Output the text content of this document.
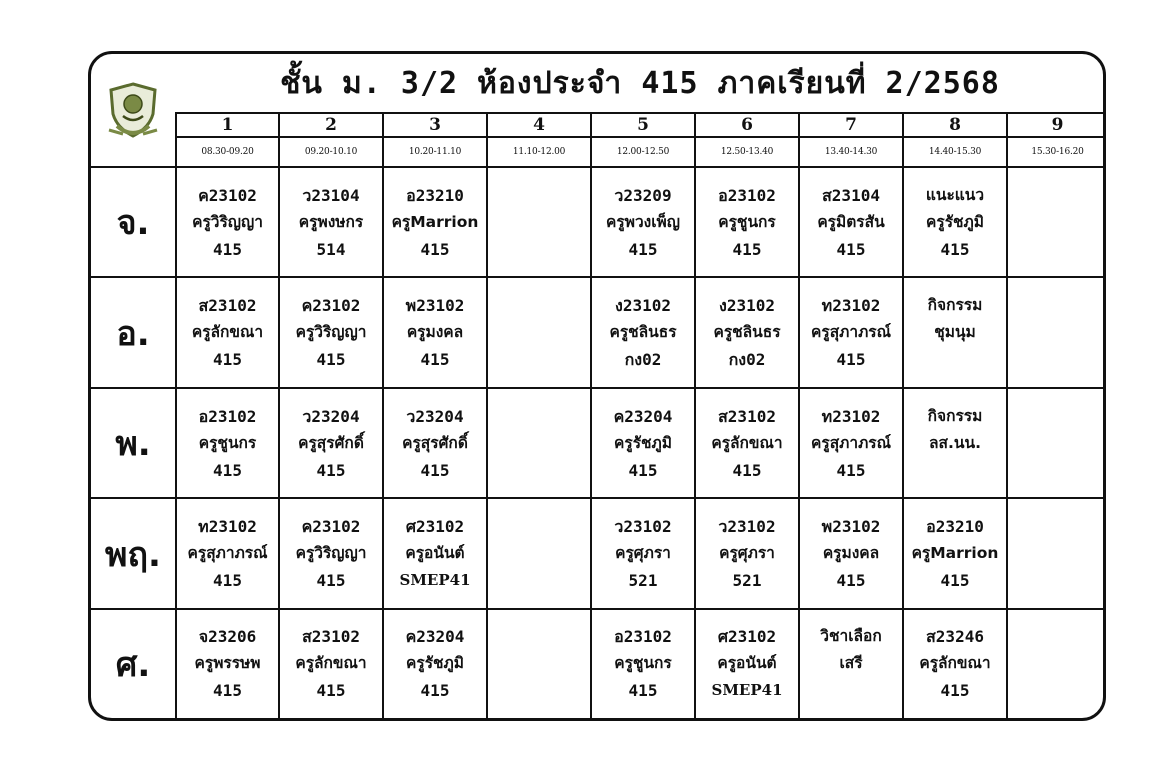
ชั้น ม. 3/2 ห้องประจำ 415 ภาคเรียนที่ 2/2568
	1	2	3	4	5	6	7	8	9
	08.30-09.20	09.20-10.10	10.20-11.10	11.10-12.00	12.00-12.50	12.50-13.40	13.40-14.30	14.40-15.30	15.30-16.20
จ.	ค23102
ครูวิริญญา
415	ว23104
ครูพงษกร
514	อ23210
ครูMarrion
415		ว23209
ครูพวงเพ็ญ
415	อ23102
ครูชูนกร
415	ส23104
ครูมิตรสัน
415	แนะแนว
ครูรัชภูมิ
415	

อ.	ส23102
ครูลักขณา
415	ค23102
ครูวิริญญา
415	พ23102
ครูมงคล
415		ง23102
ครูชลินธร
กง02	ง23102
ครูชลินธร
กง02	ท23102
ครูสุภาภรณ์
415	กิจกรรม
ชุมนุม	

พ.	อ23102
ครูชูนกร
415	ว23204
ครูสุรศักดิ์
415	ว23204
ครูสุรศักดิ์
415		ค23204
ครูรัชภูมิ
415	ส23102
ครูลักขณา
415	ท23102
ครูสุภาภรณ์
415	กิจกรรม
ลส.นน.	

พฤ.	ท23102
ครูสุภาภรณ์
415	ค23102
ครูวิริญญา
415	ศ23102
ครูอนันต์
SMEP41		ว23102
ครูศุภรา
521	ว23102
ครูศุภรา
521	พ23102
ครูมงคล
415	อ23210
ครูMarrion
415	

ศ.	จ23206
ครูพรรษพ
415	ส23102
ครูลักขณา
415	ค23204
ครูรัชภูมิ
415		อ23102
ครูชูนกร
415	ศ23102
ครูอนันต์
SMEP41	วิชาเลือก
เสรี	ส23246
ครูลักขณา
415	
